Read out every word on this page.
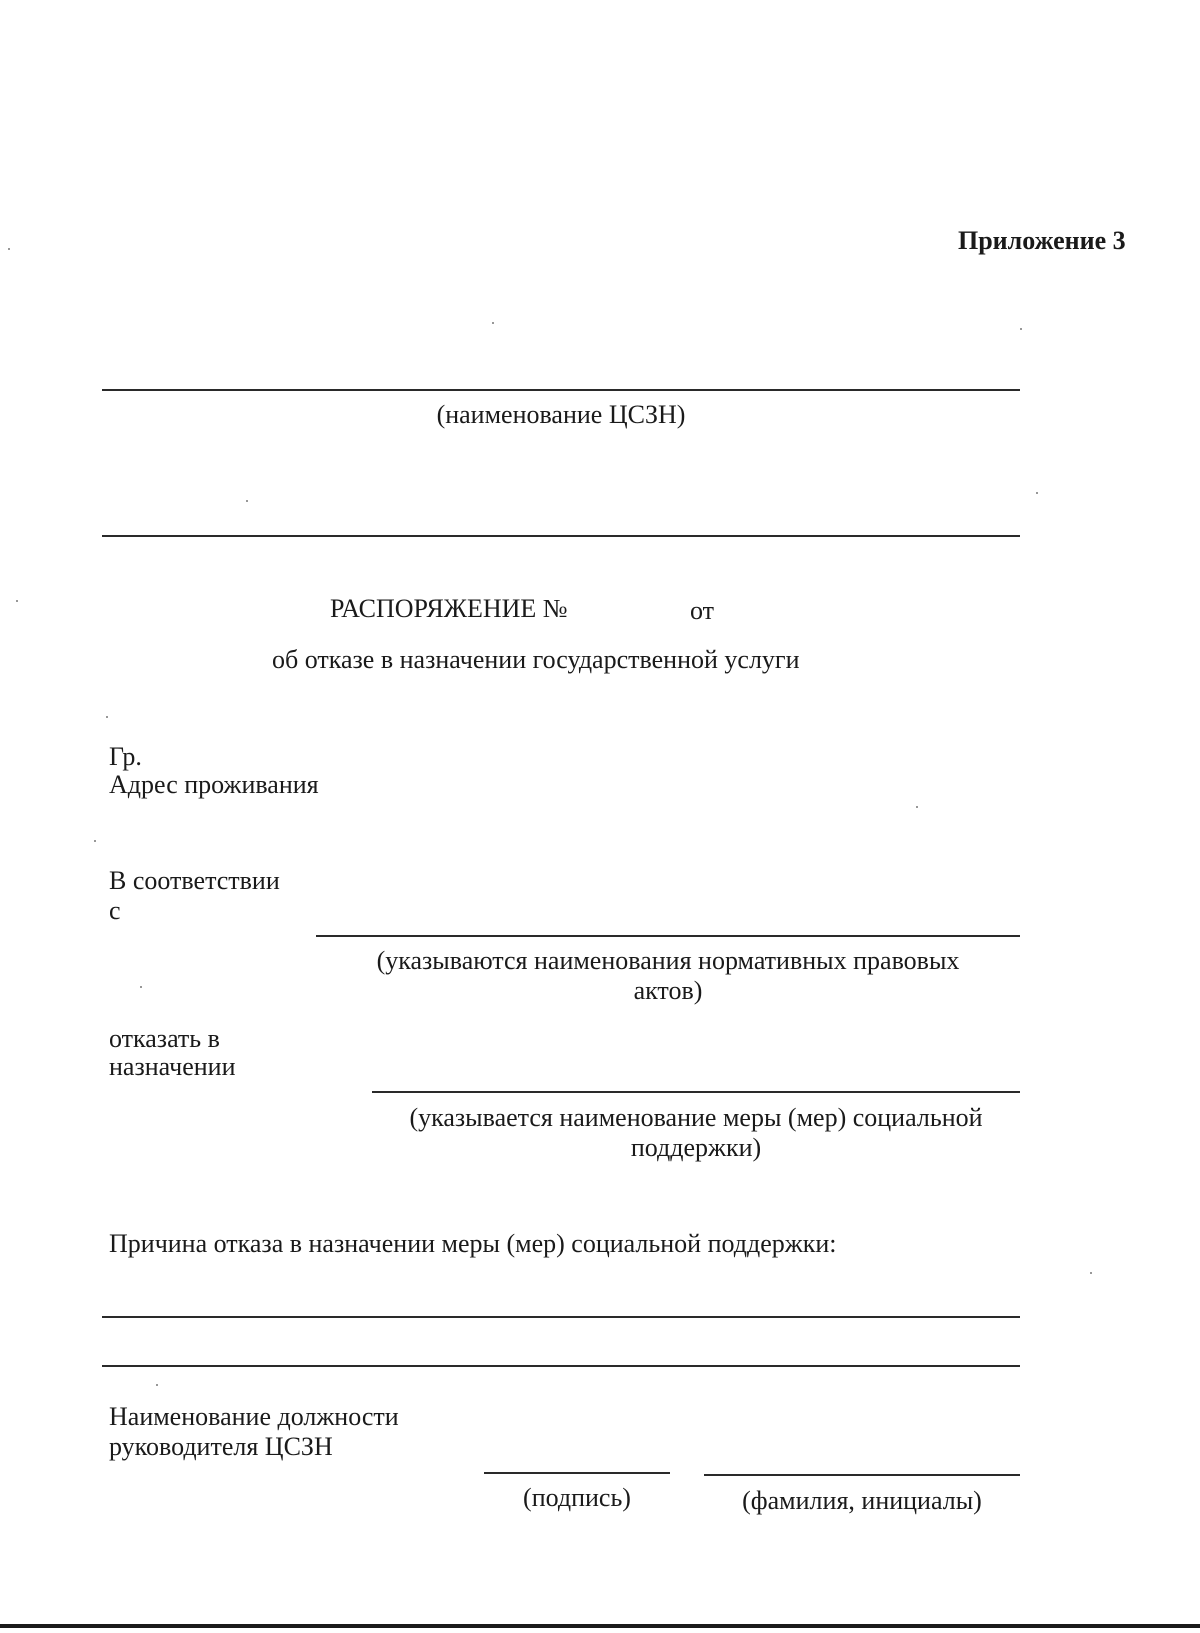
Приложение 3
(наименование ЦСЗН)
РАСПОРЯЖЕНИЕ №	от
об отказе в назначении государственной услуги
Гр.
Адрес проживания
В соответствии
с
(указываются наименования нормативных правовых
актов)
отказать в
назначении
(указывается наименование меры (мер) социальной
поддержки)
Причина отказа в назначении меры (мер) социальной поддержки:
Наименование должности
руководителя ЦСЗН
(подпись)	(фамилия, инициалы)
